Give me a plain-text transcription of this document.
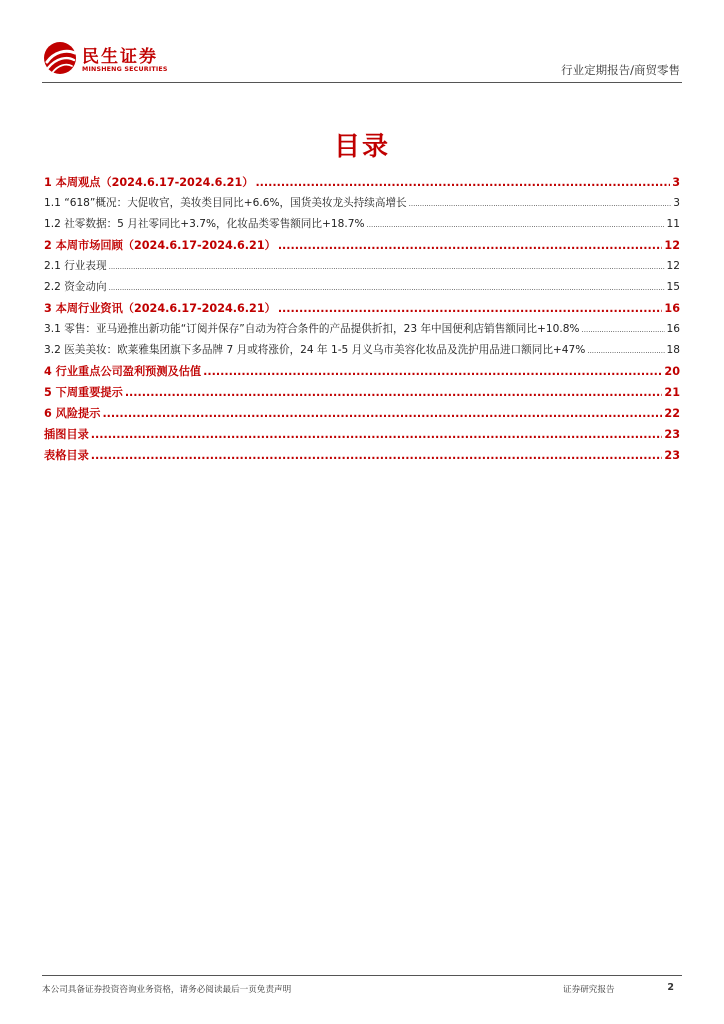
民生证券
MINSHENG SECURITIES	行业定期报告/商贸零售
目录
1 本周观点（2024.6.17-2024.6.21） .....	3
1.1 “618”概况：大促收官，美妆类目同比+6.6%，国货美妆龙头持续高增长 .....	3
1.2 社零数据：5 月社零同比+3.7%，化妆品类零售额同比+18.7% .....	11
2 本周市场回顾（2024.6.17-2024.6.21） .....	12
2.1 行业表现 .....	12
2.2 资金动向 .....	15
3 本周行业资讯（2024.6.17-2024.6.21） .....	16
3.1 零售：亚马逊推出新功能“订阅并保存”自动为符合条件的产品提供折扣，23 年中国便利店销售额同比+10.8% .....	16
3.2 医美美妆：欧莱雅集团旗下多品牌 7 月或将涨价，24 年 1-5 月义乌市美容化妆品及洗护用品进口额同比+47% .....	18
4 行业重点公司盈利预测及估值 .....	20
5 下周重要提示 .....	21
6 风险提示 .....	22
插图目录 .....	23
表格目录 .....	23
本公司具备证券投资咨询业务资格，请务必阅读最后一页免责声明	证券研究报告	2
